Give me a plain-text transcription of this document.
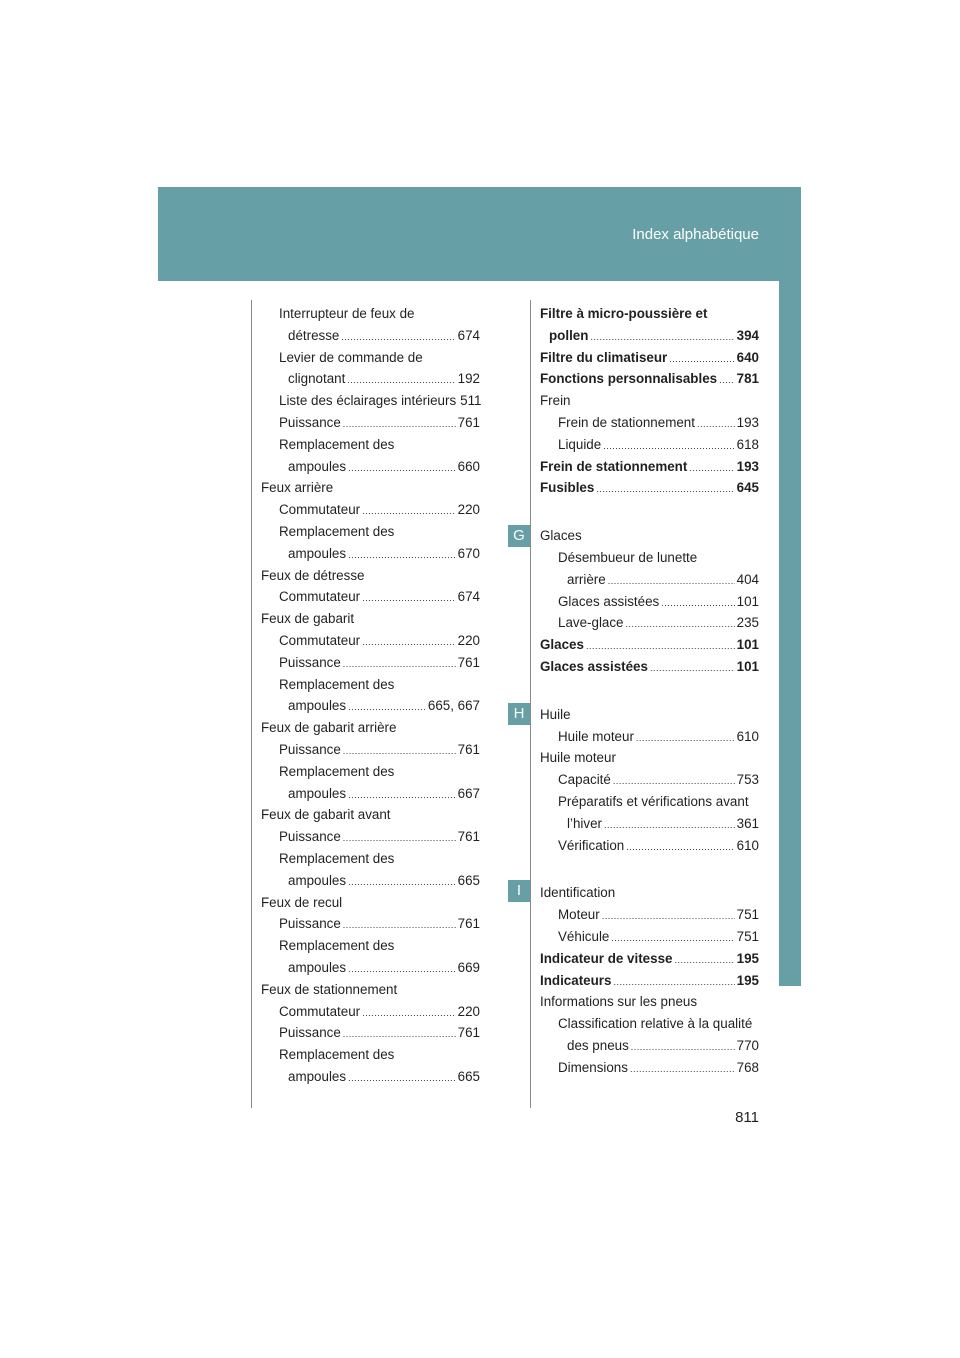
Index alphabétique
Interrupteur de feux de
détresse .....	674
Levier de commande de
clignotant .....	192
Liste des éclairages intérieurs 511
Puissance .....	761
Remplacement des
ampoules .....	660
Feux arrière
Commutateur .....	220
Remplacement des
ampoules .....	670
Feux de détresse
Commutateur .....	674
Feux de gabarit
Commutateur .....	220
Puissance .....	761
Remplacement des
ampoules .....	665, 667
Feux de gabarit arrière
Puissance .....	761
Remplacement des
ampoules .....	667
Feux de gabarit avant
Puissance .....	761
Remplacement des
ampoules .....	665
Feux de recul
Puissance .....	761
Remplacement des
ampoules .....	669
Feux de stationnement
Commutateur .....	220
Puissance .....	761
Remplacement des
ampoules .....	665
Filtre à micro-poussière et
pollen .....	394
Filtre du climatiseur .....	640
Fonctions personnalisables ..... 781
Frein
Frein de stationnement .....	193
Liquide .....	618
Frein de stationnement .....	193
Fusibles .....	645
Glaces
Désembueur de lunette
arrière .....	404
Glaces assistées .....	101
Lave-glace .....	235
Glaces .....	101
Glaces assistées .....	101
Huile
Huile moteur .....	610
Huile moteur
Capacité .....	753
Préparatifs et vérifications avant
l’hiver .....	361
Vérification .....	610
Identification
Moteur .....	751
Véhicule .....	751
Indicateur de vitesse .....	195
Indicateurs .....	195
Informations sur les pneus
Classification relative à la qualité
des pneus .....	770
Dimensions .....	768
G
H
I
811
